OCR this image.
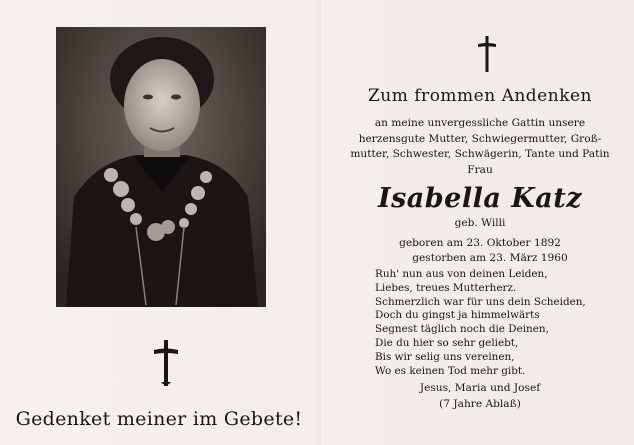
Gedenket meiner im Gebete!
Zum frommen Andenken
an meine unvergessliche Gattin unsere
herzensgute Mutter, Schwiegermutter, Groß-
mutter, Schwester, Schwägerin, Tante und Patin
Frau
Isabella Katz
geb. Willi
geboren am 23. Oktober 1892
gestorben am 23. März 1960
Ruh' nun aus von deinen Leiden,
Liebes, treues Mutterherz.
Schmerzlich war für uns dein Scheiden,
Doch du gingst ja himmelwärts
Segnest täglich noch die Deinen,
Die du hier so sehr geliebt,
Bis wir selig uns vereinen,
Wo es keinen Tod mehr gibt.
Jesus, Maria und Josef
(7 Jahre Ablaß)
